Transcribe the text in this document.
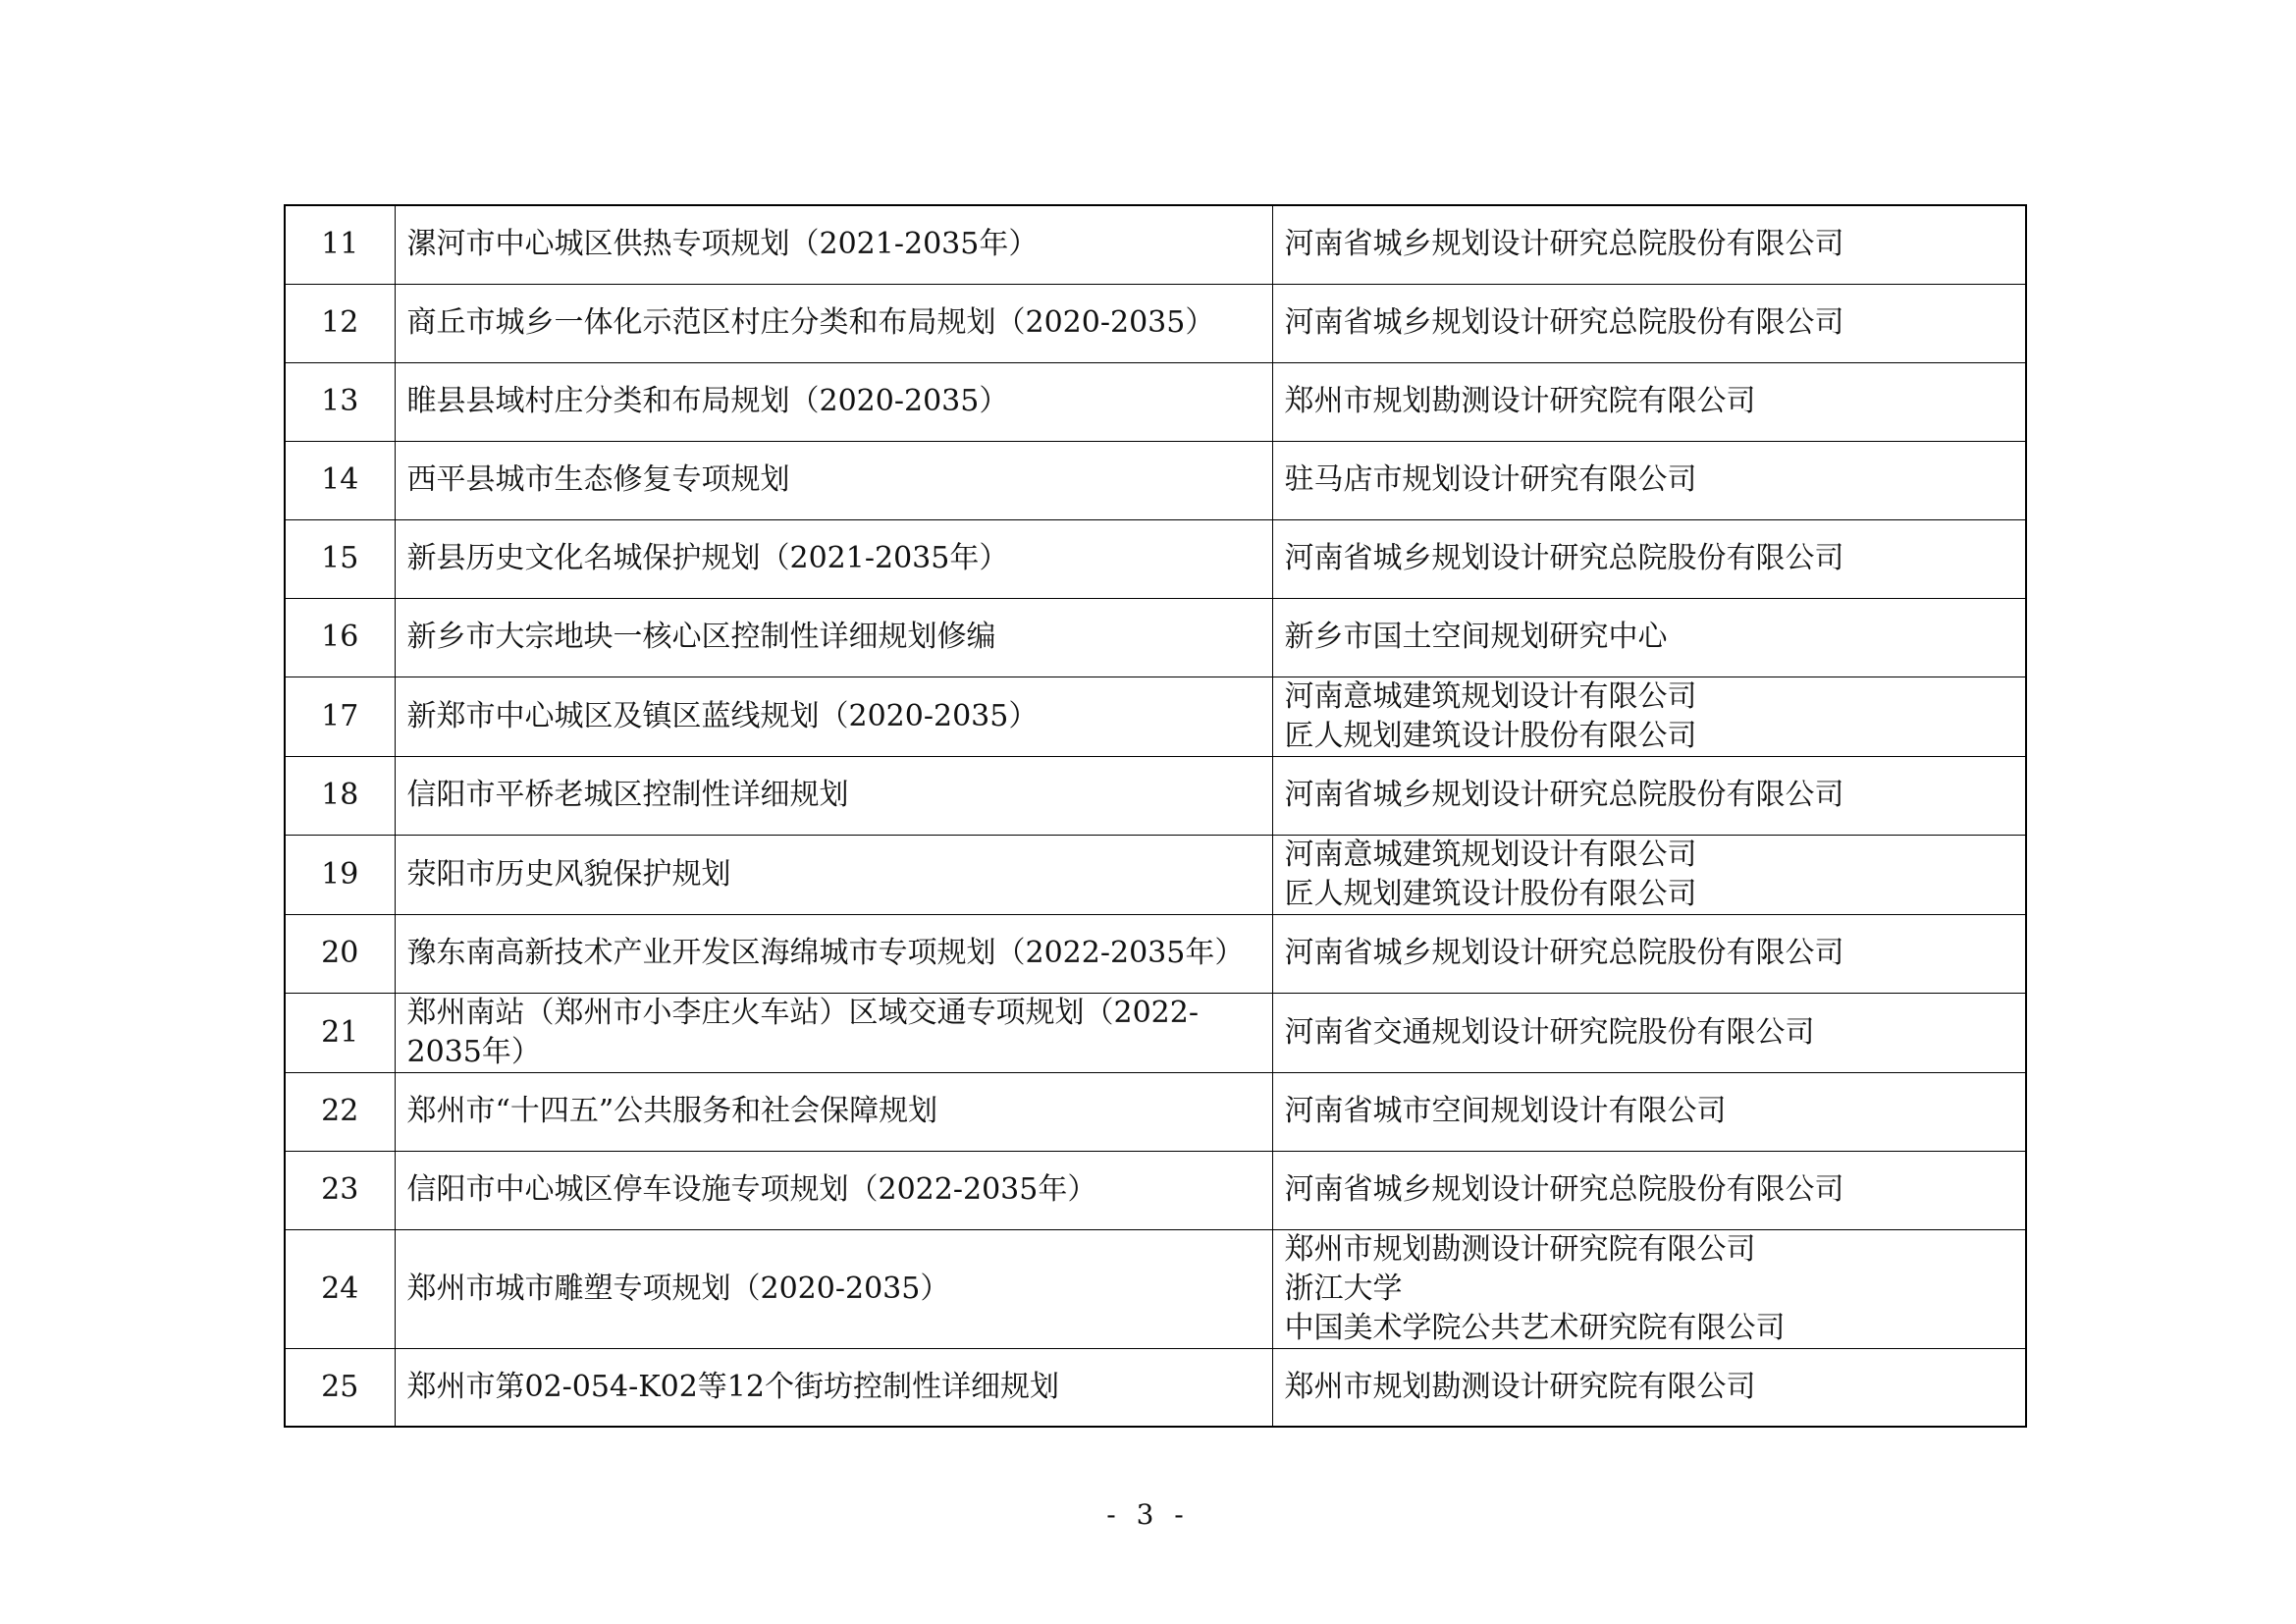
11	漯河市中心城区供热专项规划（2021-2035年）	河南省城乡规划设计研究总院股份有限公司

12	商丘市城乡一体化示范区村庄分类和布局规划（2020-2035）	河南省城乡规划设计研究总院股份有限公司

13	睢县县域村庄分类和布局规划（2020-2035）	郑州市规划勘测设计研究院有限公司

14	西平县城市生态修复专项规划	驻马店市规划设计研究有限公司

15	新县历史文化名城保护规划（2021-2035年）	河南省城乡规划设计研究总院股份有限公司

16	新乡市大宗地块一核心区控制性详细规划修编	新乡市国土空间规划研究中心

17	新郑市中心城区及镇区蓝线规划（2020-2035）	河南意城建筑规划设计有限公司
匠人规划建筑设计股份有限公司

18	信阳市平桥老城区控制性详细规划	河南省城乡规划设计研究总院股份有限公司

19	荥阳市历史风貌保护规划	河南意城建筑规划设计有限公司
匠人规划建筑设计股份有限公司

20	豫东南高新技术产业开发区海绵城市专项规划（2022-2035年）	河南省城乡规划设计研究总院股份有限公司

21	郑州南站（郑州市小李庄火车站）区域交通专项规划（2022-
2035年）	河南省交通规划设计研究院股份有限公司

22	郑州市“十四五”公共服务和社会保障规划	河南省城市空间规划设计有限公司

23	信阳市中心城区停车设施专项规划（2022-2035年）	河南省城乡规划设计研究总院股份有限公司

24	郑州市城市雕塑专项规划（2020-2035）	郑州市规划勘测设计研究院有限公司
浙江大学
中国美术学院公共艺术研究院有限公司

25	郑州市第02-054-K02等12个街坊控制性详细规划	郑州市规划勘测设计研究院有限公司
- 3 -
